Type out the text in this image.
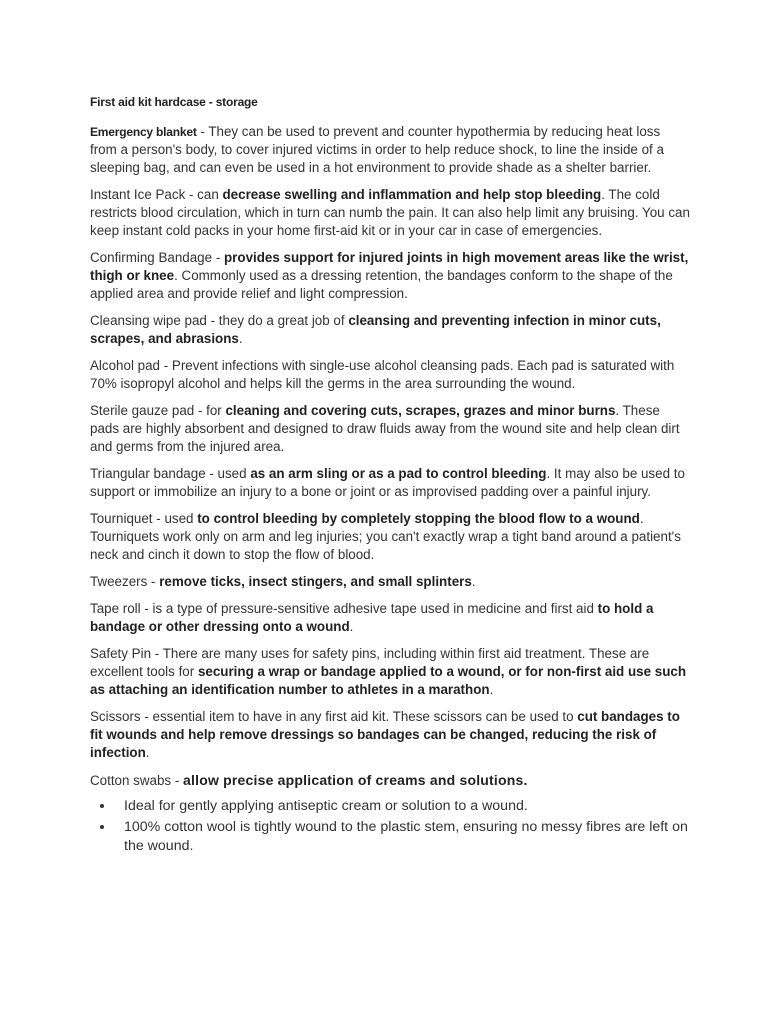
First aid kit hardcase - storage

Emergency blanket - They can be used to prevent and counter hypothermia by reducing heat loss from a person's body, to cover injured victims in order to help reduce shock, to line the inside of a sleeping bag, and can even be used in a hot environment to provide shade as a shelter barrier.

Instant Ice Pack - can decrease swelling and inflammation and help stop bleeding. The cold restricts blood circulation, which in turn can numb the pain. It can also help limit any bruising. You can keep instant cold packs in your home first-aid kit or in your car in case of emergencies.

Confirming Bandage - provides support for injured joints in high movement areas like the wrist, thigh or knee. Commonly used as a dressing retention, the bandages conform to the shape of the applied area and provide relief and light compression.

Cleansing wipe pad - they do a great job of cleansing and preventing infection in minor cuts, scrapes, and abrasions.

Alcohol pad - Prevent infections with single-use alcohol cleansing pads. Each pad is saturated with 70% isopropyl alcohol and helps kill the germs in the area surrounding the wound.

Sterile gauze pad - for cleaning and covering cuts, scrapes, grazes and minor burns. These pads are highly absorbent and designed to draw fluids away from the wound site and help clean dirt and germs from the injured area.

Triangular bandage - used as an arm sling or as a pad to control bleeding. It may also be used to support or immobilize an injury to a bone or joint or as improvised padding over a painful injury.

Tourniquet - used to control bleeding by completely stopping the blood flow to a wound. Tourniquets work only on arm and leg injuries; you can't exactly wrap a tight band around a patient's neck and cinch it down to stop the flow of blood.

Tweezers - remove ticks, insect stingers, and small splinters.

Tape roll - is a type of pressure-sensitive adhesive tape used in medicine and first aid to hold a bandage or other dressing onto a wound.

Safety Pin - There are many uses for safety pins, including within first aid treatment. These are excellent tools for securing a wrap or bandage applied to a wound, or for non-first aid use such as attaching an identification number to athletes in a marathon.

Scissors - essential item to have in any first aid kit. These scissors can be used to cut bandages to fit wounds and help remove dressings so bandages can be changed, reducing the risk of infection.

Cotton swabs - allow precise application of creams and solutions.

• Ideal for gently applying antiseptic cream or solution to a wound.
• 100% cotton wool is tightly wound to the plastic stem, ensuring no messy fibres are left on the wound.
